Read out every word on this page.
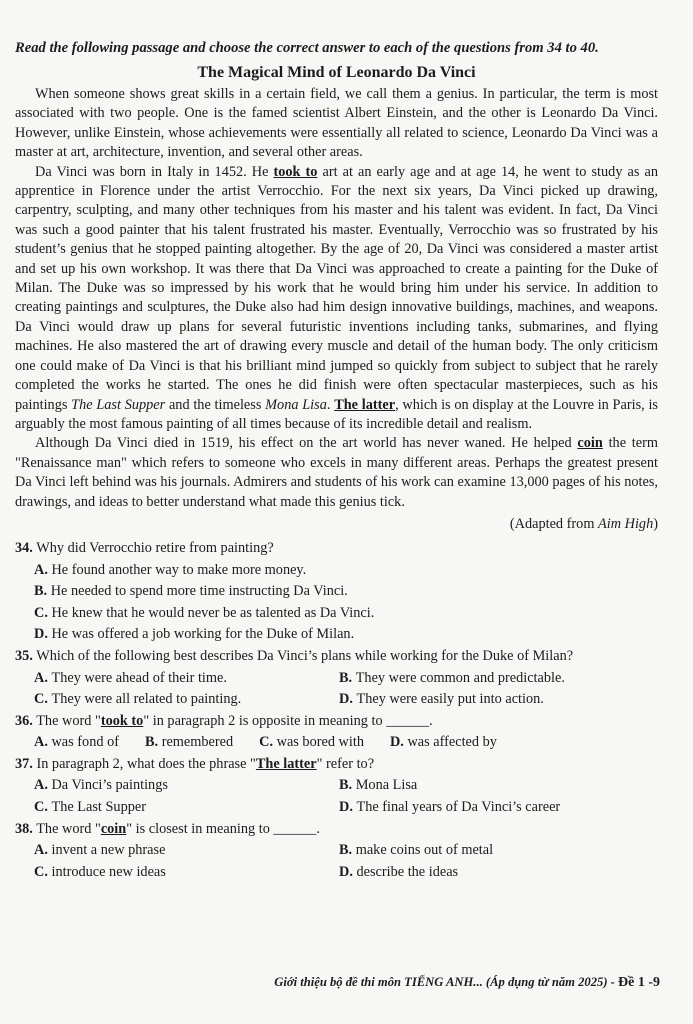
Read the following passage and choose the correct answer to each of the questions from 34 to 40.

The Magical Mind of Leonardo Da Vinci

When someone shows great skills in a certain field, we call them a genius. In particular, the term is most associated with two people. One is the famed scientist Albert Einstein, and the other is Leonardo Da Vinci. However, unlike Einstein, whose achievements were essentially all related to science, Leonardo Da Vinci was a master at art, architecture, invention, and several other areas.

Da Vinci was born in Italy in 1452. He took to art at an early age and at age 14, he went to study as an apprentice in Florence under the artist Verrocchio. For the next six years, Da Vinci picked up drawing, carpentry, sculpting, and many other techniques from his master and his talent was evident. In fact, Da Vinci was such a good painter that his talent frustrated his master. Eventually, Verrocchio was so frustrated by his student’s genius that he stopped painting altogether. By the age of 20, Da Vinci was considered a master artist and set up his own workshop. It was there that Da Vinci was approached to create a painting for the Duke of Milan. The Duke was so impressed by his work that he would bring him under his service. In addition to creating paintings and sculptures, the Duke also had him design innovative buildings, machines, and weapons. Da Vinci would draw up plans for several futuristic inventions including tanks, submarines, and flying machines. He also mastered the art of drawing every muscle and detail of the human body. The only criticism one could make of Da Vinci is that his brilliant mind jumped so quickly from subject to subject that he rarely completed the works he started. The ones he did finish were often spectacular masterpieces, such as his paintings The Last Supper and the timeless Mona Lisa. The latter, which is on display at the Louvre in Paris, is arguably the most famous painting of all times because of its incredible detail and realism.

Although Da Vinci died in 1519, his effect on the art world has never waned. He helped coin the term "Renaissance man" which refers to someone who excels in many different areas. Perhaps the greatest present Da Vinci left behind was his journals. Admirers and students of his work can examine 13,000 pages of his notes, drawings, and ideas to better understand what made this genius tick.

(Adapted from Aim High)

34. Why did Verrocchio retire from painting?

A.
He found another way to make more money.

B.
He needed to spend more time instructing Da Vinci.

C.
He knew that he would never be as talented as Da Vinci.

D.
He was offered a job working for the Duke of Milan.

35. Which of the following best describes Da Vinci’s plans while working for the Duke of Milan?

A. They were ahead of their time.	B. They were common and predictable.
C. They were all related to painting.	D. They were easily put into action.

36. The word "took to" in paragraph 2 is opposite in meaning to ______.

A. was fond of B. remembered C. was bored with D. was affected by

37. In paragraph 2, what does the phrase "The latter" refer to?

A. Da Vinci’s paintings	B. Mona Lisa
C. The Last Supper	D. The final years of Da Vinci’s career

38. The word "coin" is closest in meaning to ______.

A. invent a new phrase	B. make coins out of metal
C. introduce new ideas	D. describe the ideas
Giới thiệu bộ đề thi môn TIẾNG ANH... (Áp dụng từ năm 2025) - Đề 1 -9
